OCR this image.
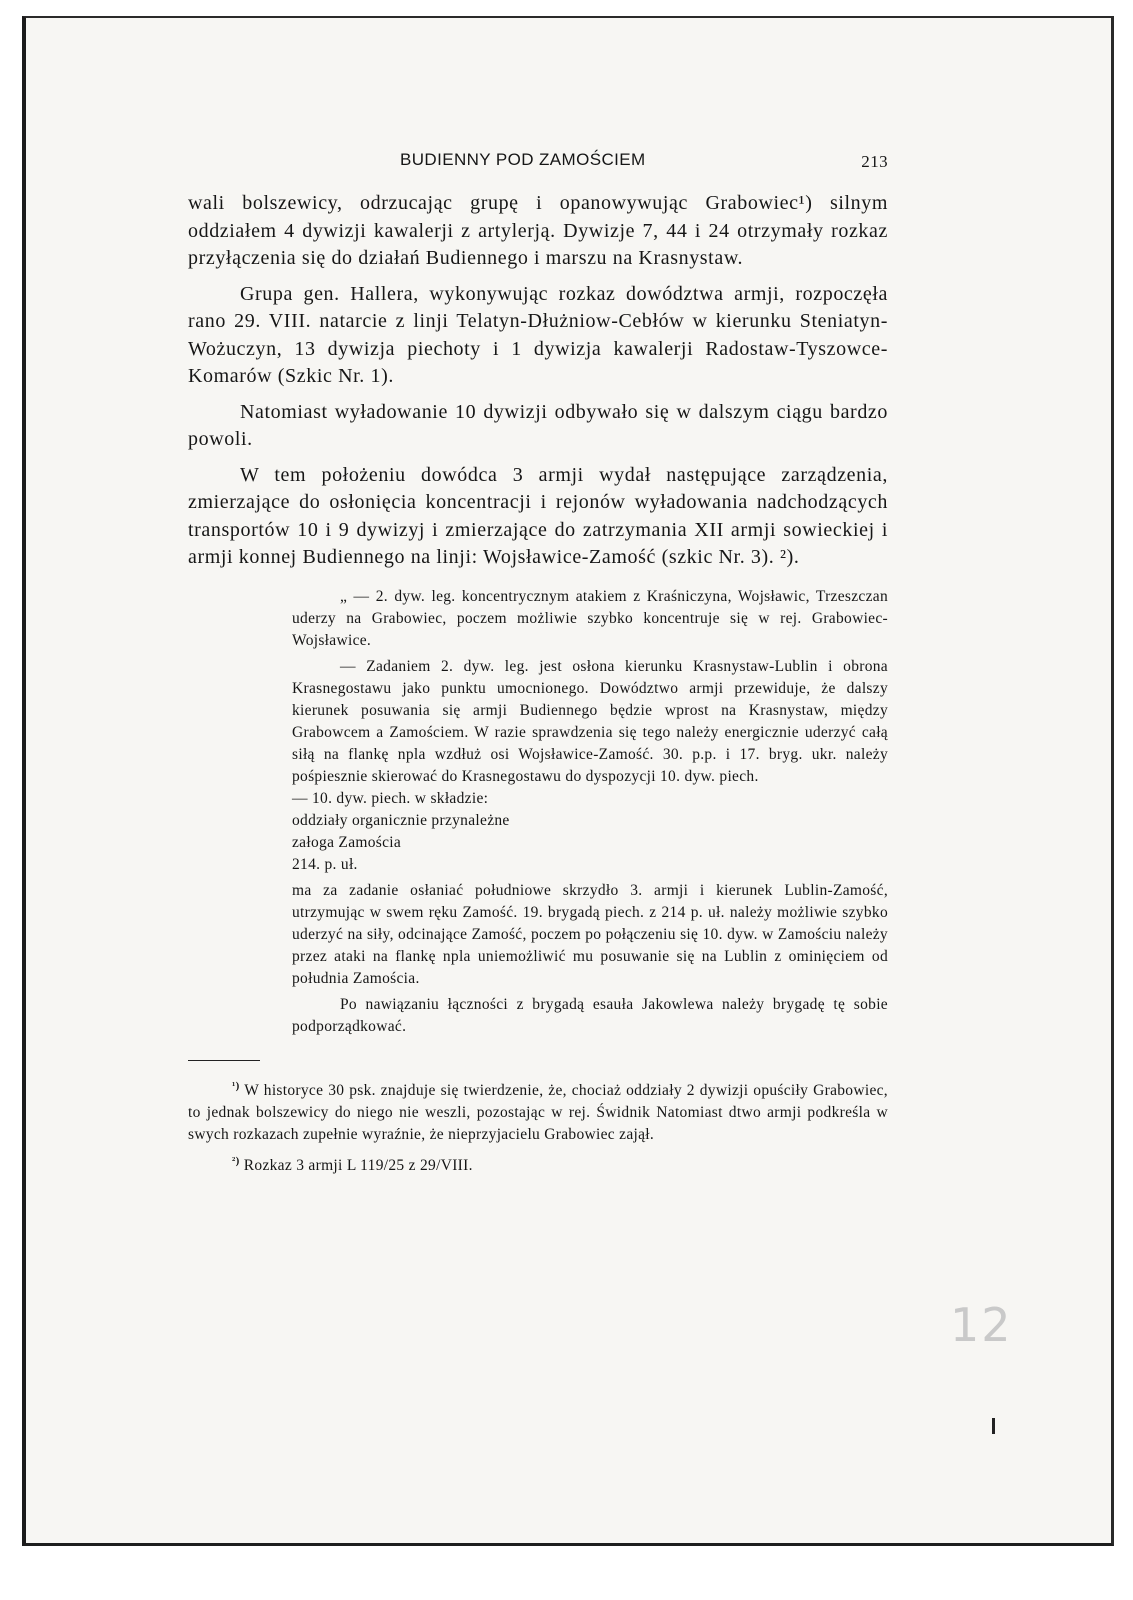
BUDIENNY POD ZAMOŚCIEM	213

wali bolszewicy, odrzucając grupę i opanowywując Grabowiec¹) silnym oddziałem 4 dywizji kawalerji z artylerją. Dywizje 7, 44 i 24 otrzymały rozkaz przyłączenia się do działań Budiennego i marszu na Krasnystaw.

Grupa gen. Hallera, wykonywując rozkaz dowództwa armji, rozpoczęła rano 29. VIII. natarcie z linji Telatyn-Dłużniow-Cebłów w kierunku Steniatyn-Wożuczyn, 13 dywizja piechoty i 1 dywizja kawalerji Radostaw-Tyszowce-Komarów (Szkic Nr. 1).

Natomiast wyładowanie 10 dywizji odbywało się w dalszym ciągu bardzo powoli.

W tem położeniu dowódca 3 armji wydał następujące zarządzenia, zmierzające do osłonięcia koncentracji i rejonów wyładowania nadchodzących transportów 10 i 9 dywizyj i zmierzające do zatrzymania XII armji sowieckiej i armji konnej Budiennego na linji: Wojsławice-Zamość (szkic Nr. 3). ²).

„ — 2. dyw. leg. koncentrycznym atakiem z Kraśniczyna, Wojsławic, Trzeszczan uderzy na Grabowiec, poczem możliwie szybko koncentruje się w rej. Grabowiec-Wojsławice.

— Zadaniem 2. dyw. leg. jest osłona kierunku Krasnystaw-Lublin i obrona Krasnegostawu jako punktu umocnionego. Dowództwo armji przewiduje, że dalszy kierunek posuwania się armji Budiennego będzie wprost na Krasnystaw, między Grabowcem a Zamościem. W razie sprawdzenia się tego należy energicznie uderzyć całą siłą na flankę npla wzdłuż osi Wojsławice-Zamość. 30. p.p. i 17. bryg. ukr. należy pośpiesznie skierować do Krasnegostawu do dyspozycji 10. dyw. piech.

— 10. dyw. piech. w składzie:
oddziały organicznie przynależne
załoga Zamościa
214. p. uł.

ma za zadanie osłaniać południowe skrzydło 3. armji i kierunek Lublin-Zamość, utrzymując w swem ręku Zamość. 19. brygadą piech. z 214 p. uł. należy możliwie szybko uderzyć na siły, odcinające Zamość, poczem po połączeniu się 10. dyw. w Zamościu należy przez ataki na flankę npla uniemożliwić mu posuwanie się na Lublin z ominięciem od południa Zamościa.

Po nawiązaniu łączności z brygadą esauła Jakowlewa należy brygadę tę sobie podporządkować.

$^{^1)}$ W historyce 30 psk. znajduje się twierdzenie, że, chociaż oddziały 2 dywizji opuściły Grabowiec, to jednak bolszewicy do niego nie weszli, pozostając w rej. Świdnik Natomiast dtwo armji podkreśla w swych rozkazach zupełnie wyraźnie, że nieprzyjacielu Grabowiec zajął.

$^{^2)}$ Rozkaz 3 armji L 119/25 z 29/VIII.

12
